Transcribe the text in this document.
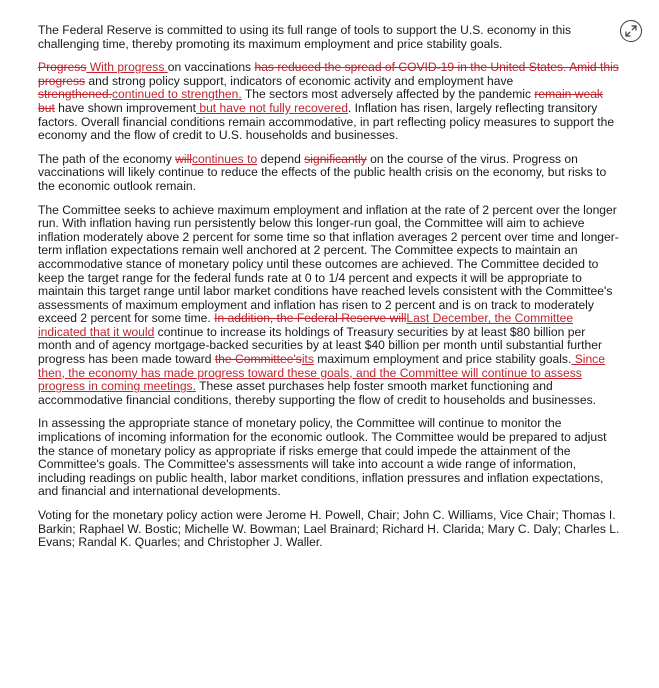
The Federal Reserve is committed to using its full range of tools to support the U.S. economy in this challenging time, thereby promoting its maximum employment and price stability goals.

Progress With progress on vaccinations has reduced the spread of COVID-19 in the United States. Amid this progress and strong policy support, indicators of economic activity and employment have strengthened.continued to strengthen. The sectors most adversely affected by the pandemic remain weak but have shown improvement but have not fully recovered. Inflation has risen, largely reflecting transitory factors. Overall financial conditions remain accommodative, in part reflecting policy measures to support the economy and the flow of credit to U.S. households and businesses.

The path of the economy willcontinues to depend significantly on the course of the virus. Progress on vaccinations will likely continue to reduce the effects of the public health crisis on the economy, but risks to the economic outlook remain.

The Committee seeks to achieve maximum employment and inflation at the rate of 2 percent over the longer run. With inflation having run persistently below this longer-run goal, the Committee will aim to achieve inflation moderately above 2 percent for some time so that inflation averages 2 percent over time and longer-term inflation expectations remain well anchored at 2 percent. The Committee expects to maintain an accommodative stance of monetary policy until these outcomes are achieved. The Committee decided to keep the target range for the federal funds rate at 0 to 1/4 percent and expects it will be appropriate to maintain this target range until labor market conditions have reached levels consistent with the Committee's assessments of maximum employment and inflation has risen to 2 percent and is on track to moderately exceed 2 percent for some time. In addition, the Federal Reserve willLast December, the Committee indicated that it would continue to increase its holdings of Treasury securities by at least $80 billion per month and of agency mortgage-backed securities by at least $40 billion per month until substantial further progress has been made toward the Committee'sits maximum employment and price stability goals. Since then, the economy has made progress toward these goals, and the Committee will continue to assess progress in coming meetings. These asset purchases help foster smooth market functioning and accommodative financial conditions, thereby supporting the flow of credit to households and businesses.

In assessing the appropriate stance of monetary policy, the Committee will continue to monitor the implications of incoming information for the economic outlook. The Committee would be prepared to adjust the stance of monetary policy as appropriate if risks emerge that could impede the attainment of the Committee's goals. The Committee's assessments will take into account a wide range of information, including readings on public health, labor market conditions, inflation pressures and inflation expectations, and financial and international developments.

Voting for the monetary policy action were Jerome H. Powell, Chair; John C. Williams, Vice Chair; Thomas I. Barkin; Raphael W. Bostic; Michelle W. Bowman; Lael Brainard; Richard H. Clarida; Mary C. Daly; Charles L. Evans; Randal K. Quarles; and Christopher J. Waller.
